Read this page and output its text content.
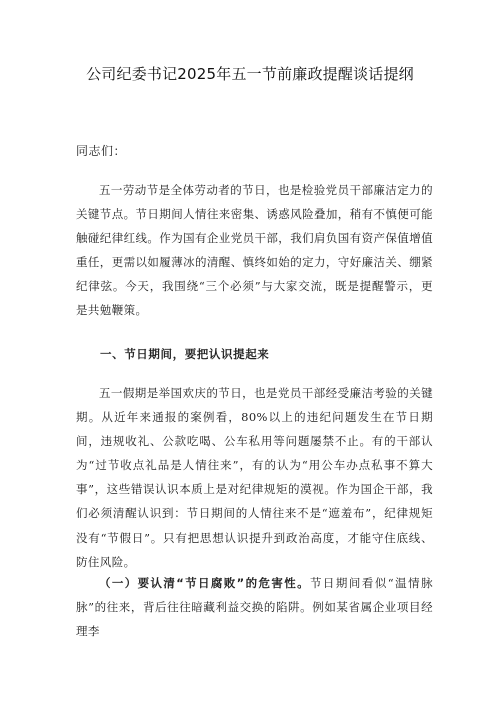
公司纪委书记2025年五一节前廉政提醒谈话提纲
同志们：

五一劳动节是全体劳动者的节日，也是检验党员干部廉洁定力的关键节点。节日期间人情往来密集、诱惑风险叠加，稍有不慎便可能触碰纪律红线。作为国有企业党员干部，我们肩负国有资产保值增值重任，更需以如履薄冰的清醒、慎终如始的定力，守好廉洁关、绷紧纪律弦。今天，我围绕“三个必须”与大家交流，既是提醒警示，更是共勉鞭策。

一、节日期间，要把认识提起来

五一假期是举国欢庆的节日，也是党员干部经受廉洁考验的关键期。从近年来通报的案例看，80%以上的违纪问题发生在节日期间，违规收礼、公款吃喝、公车私用等问题屡禁不止。有的干部认为“过节收点礼品是人情往来”，有的认为“用公车办点私事不算大事”，这些错误认识本质上是对纪律规矩的漠视。作为国企干部，我们必须清醒认识到：节日期间的人情往来不是“遮羞布”，纪律规矩没有“节假日”。只有把思想认识提升到政治高度，才能守住底线、防住风险。

（一）要认清“节日腐败”的危害性。节日期间看似“温情脉脉”的往来，背后往往暗藏利益交换的陷阱。例如某省属企业项目经理李
